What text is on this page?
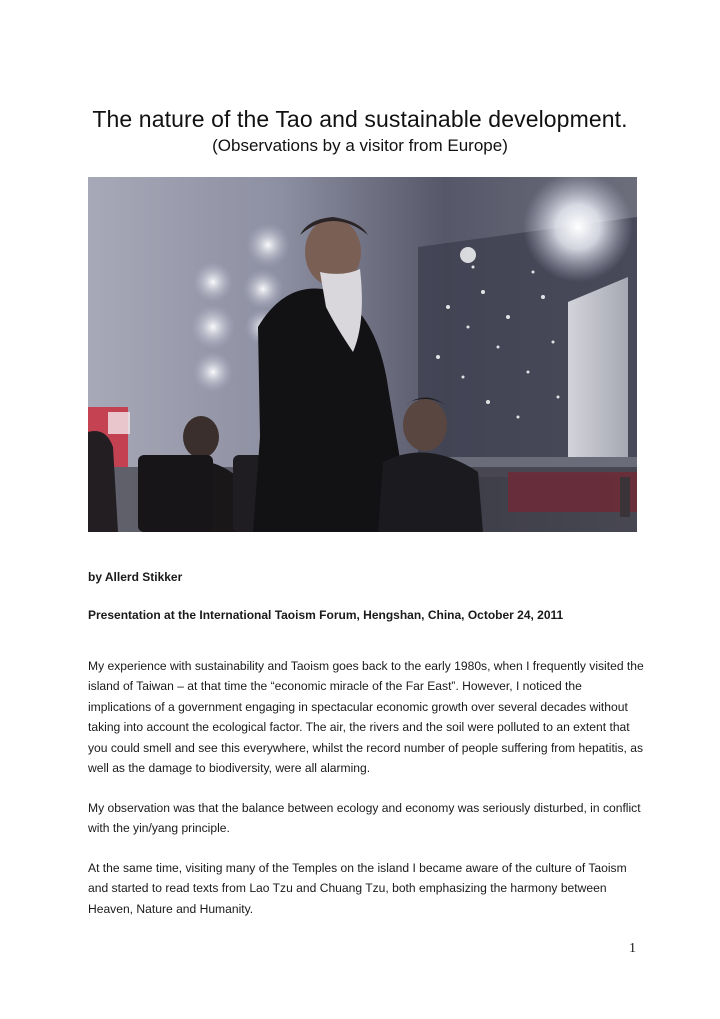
The nature of the Tao and sustainable development.
(Observations by a visitor from Europe)
by Allerd Stikker
Presentation at the International Taoism Forum, Hengshan, China, October 24, 2011

My experience with sustainability and Taoism goes back to the early 1980s, when I frequently visited the island of Taiwan – at that time the “economic miracle of the Far East”. However, I noticed the implications of a government engaging in spectacular economic growth over several decades without taking into account the ecological factor. The air, the rivers and the soil were polluted to an extent that you could smell and see this everywhere, whilst the record number of people suffering from hepatitis, as well as the damage to biodiversity, were all alarming.

My observation was that the balance between ecology and economy was seriously disturbed, in conflict with the yin/yang principle.

At the same time, visiting many of the Temples on the island I became aware of the culture of Taoism and started to read texts from Lao Tzu and Chuang Tzu, both emphasizing the harmony between Heaven, Nature and Humanity.

1
